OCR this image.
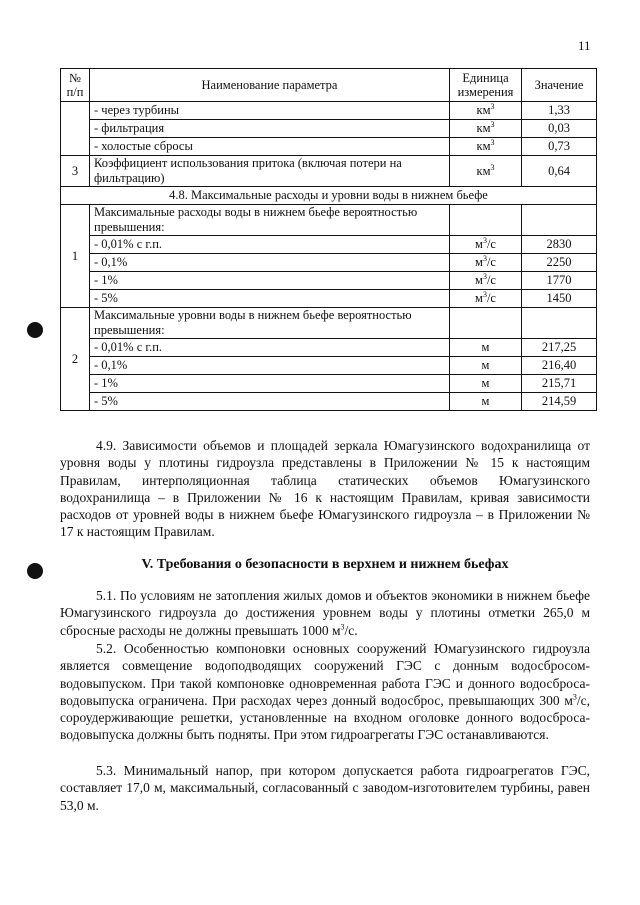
11
№ п/п	Наименование параметра	Единица измерения	Значение
	- через турбины	$км^3$	1,33
	- фильтрация	$км^3$	0,03
	- холостые сбросы	$км^3$	0,73
3	Коэффициент использования притока (включая потери на фильтрацию)	$км^3$	0,64
4.8. Максимальные расходы и уровни воды в нижнем бьефе			
1	Максимальные расходы воды в нижнем бьефе вероятностью превышения:		
	- 0,01% с г.п.	$м^3/с$	2830
	- 0,1%	$м^3/с$	2250
	- 1%	$м^3/с$	1770
	- 5%	$м^3/с$	1450
2	Максимальные уровни воды в нижнем бьефе вероятностью превышения:		
	- 0,01% с г.п.	м	217,25
	- 0,1%	м	216,40
	- 1%	м	215,71
	- 5%	м	214,59
4.9. Зависимости объемов и площадей зеркала Юмагузинского водохранилища от уровня воды у плотины гидроузла представлены в Приложении № 15 к настоящим Правилам, интерполяционная таблица статических объемов Юмагузинского водохранилища – в Приложении № 16 к настоящим Правилам, кривая зависимости расходов от уровней воды в нижнем бьефе Юмагузинского гидроузла – в Приложении № 17 к настоящим Правилам.
V. Требования о безопасности в верхнем и нижнем бьефах
5.1. По условиям не затопления жилых домов и объектов экономики в нижнем бьефе Юмагузинского гидроузла до достижения уровнем воды у плотины отметки 265,0 м сбросные расходы не должны превышать 1000 $м^3/с$.
5.2. Особенностью компоновки основных сооружений Юмагузинского гидроузла является совмещение водоподводящих сооружений ГЭС с донным водосбросом-водовыпуском. При такой компоновке одновременная работа ГЭС и донного водосброса-водовыпуска ограничена. При расходах через донный водосброс, превышающих 300 $м^3/с$, сороудерживающие решетки, установленные на входном оголовке донного водосброса-водовыпуска должны быть подняты. При этом гидроагрегаты ГЭС останавливаются.
5.3. Минимальный напор, при котором допускается работа гидроагрегатов ГЭС, составляет 17,0 м, максимальный, согласованный с заводом-изготовителем турбины, равен 53,0 м.
